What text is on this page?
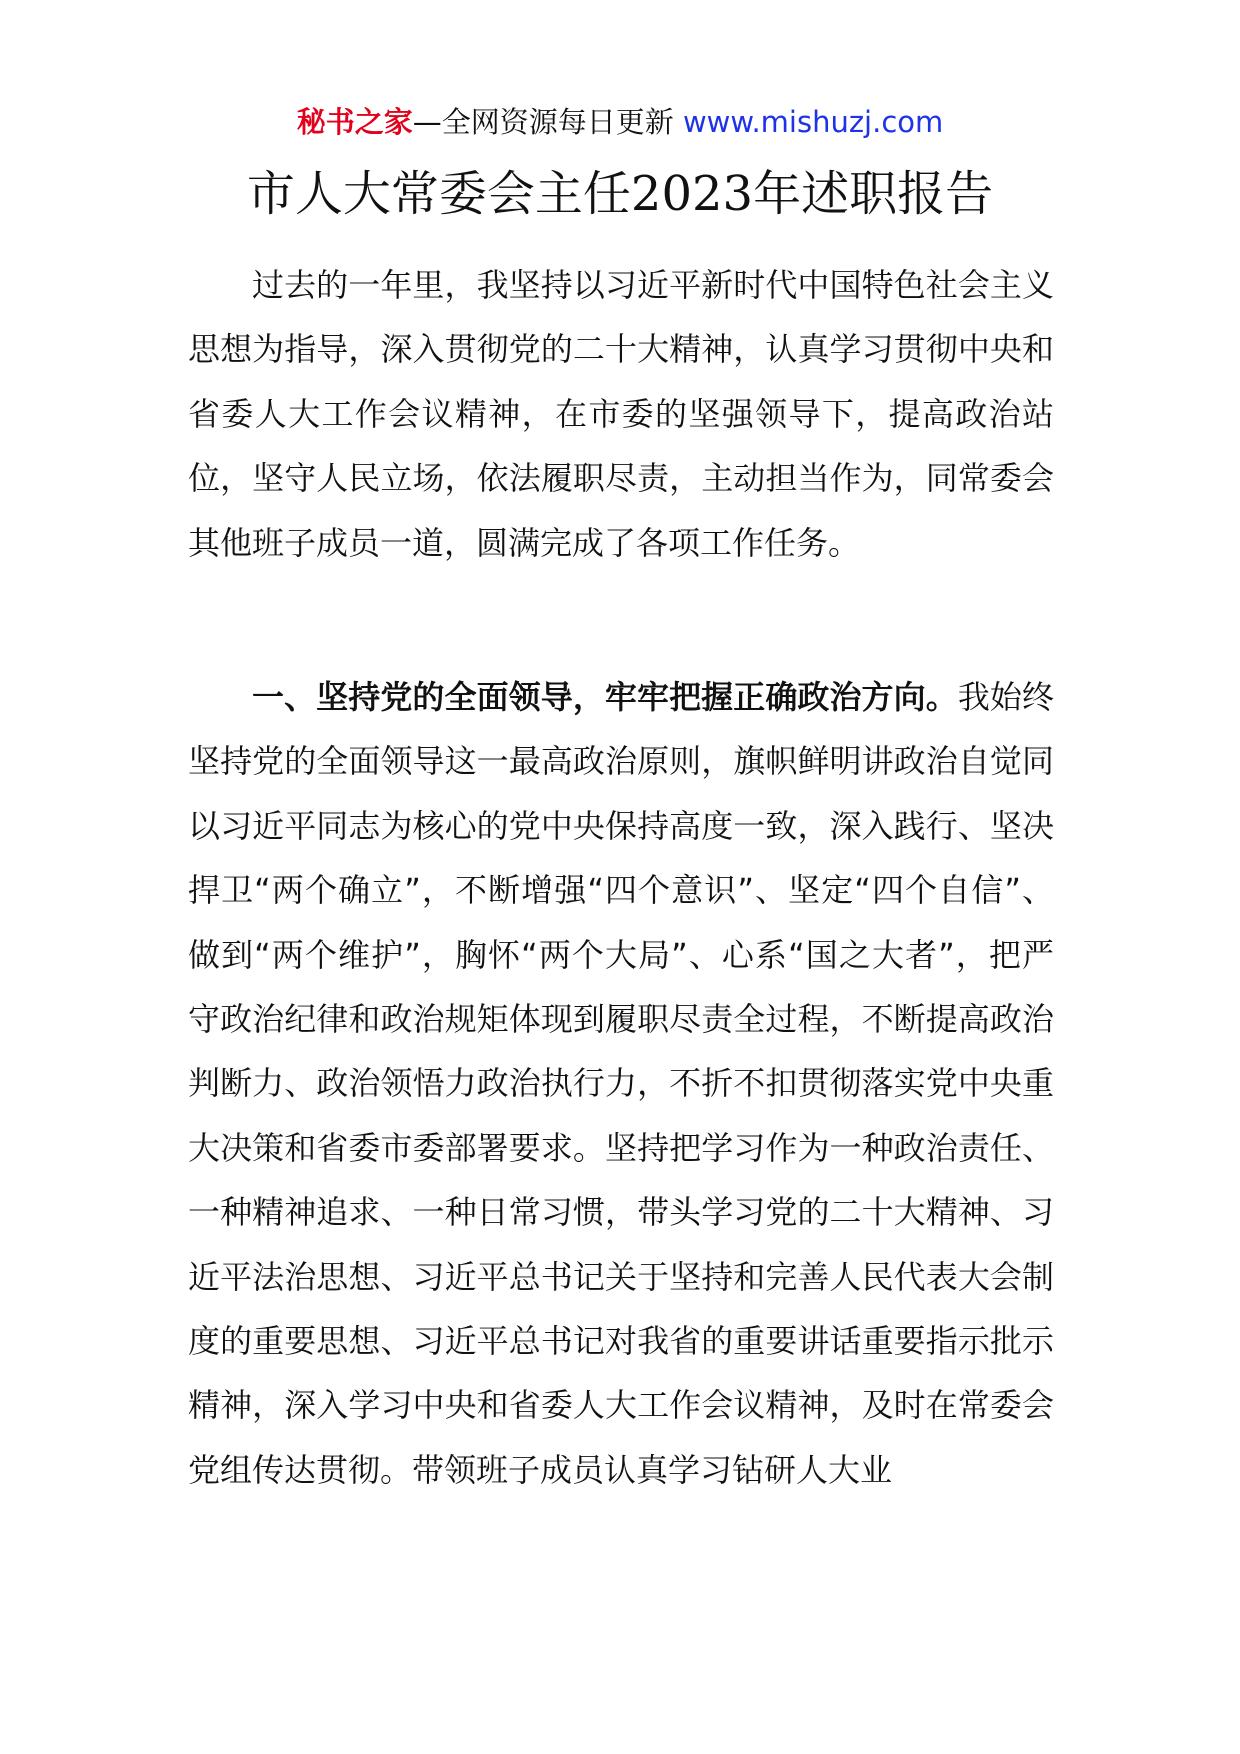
秘书之家—全网资源每日更新 www.mishuzj.com
市人大常委会主任2023年述职报告

过去的一年里，我坚持以习近平新时代中国特色社会主义思想为指导，深入贯彻党的二十大精神，认真学习贯彻中央和省委人大工作会议精神，在市委的坚强领导下，提高政治站位，坚守人民立场，依法履职尽责，主动担当作为，同常委会其他班子成员一道，圆满完成了各项工作任务。

一、坚持党的全面领导，牢牢把握正确政治方向。我始终坚持党的全面领导这一最高政治原则，旗帜鲜明讲政治自觉同以习近平同志为核心的党中央保持高度一致，深入践行、坚决捍卫“两个确立”，不断增强“四个意识”、坚定“四个自信”、做到“两个维护”，胸怀“两个大局”、心系“国之大者”，把严守政治纪律和政治规矩体现到履职尽责全过程，不断提高政治判断力、政治领悟力政治执行力，不折不扣贯彻落实党中央重大决策和省委市委部署要求。坚持把学习作为一种政治责任、一种精神追求、一种日常习惯，带头学习党的二十大精神、习近平法治思想、习近平总书记关于坚持和完善人民代表大会制度的重要思想、习近平总书记对我省的重要讲话重要指示批示精神，深入学习中央和省委人大工作会议精神，及时在常委会党组传达贯彻。带领班子成员认真学习钻研人大业
